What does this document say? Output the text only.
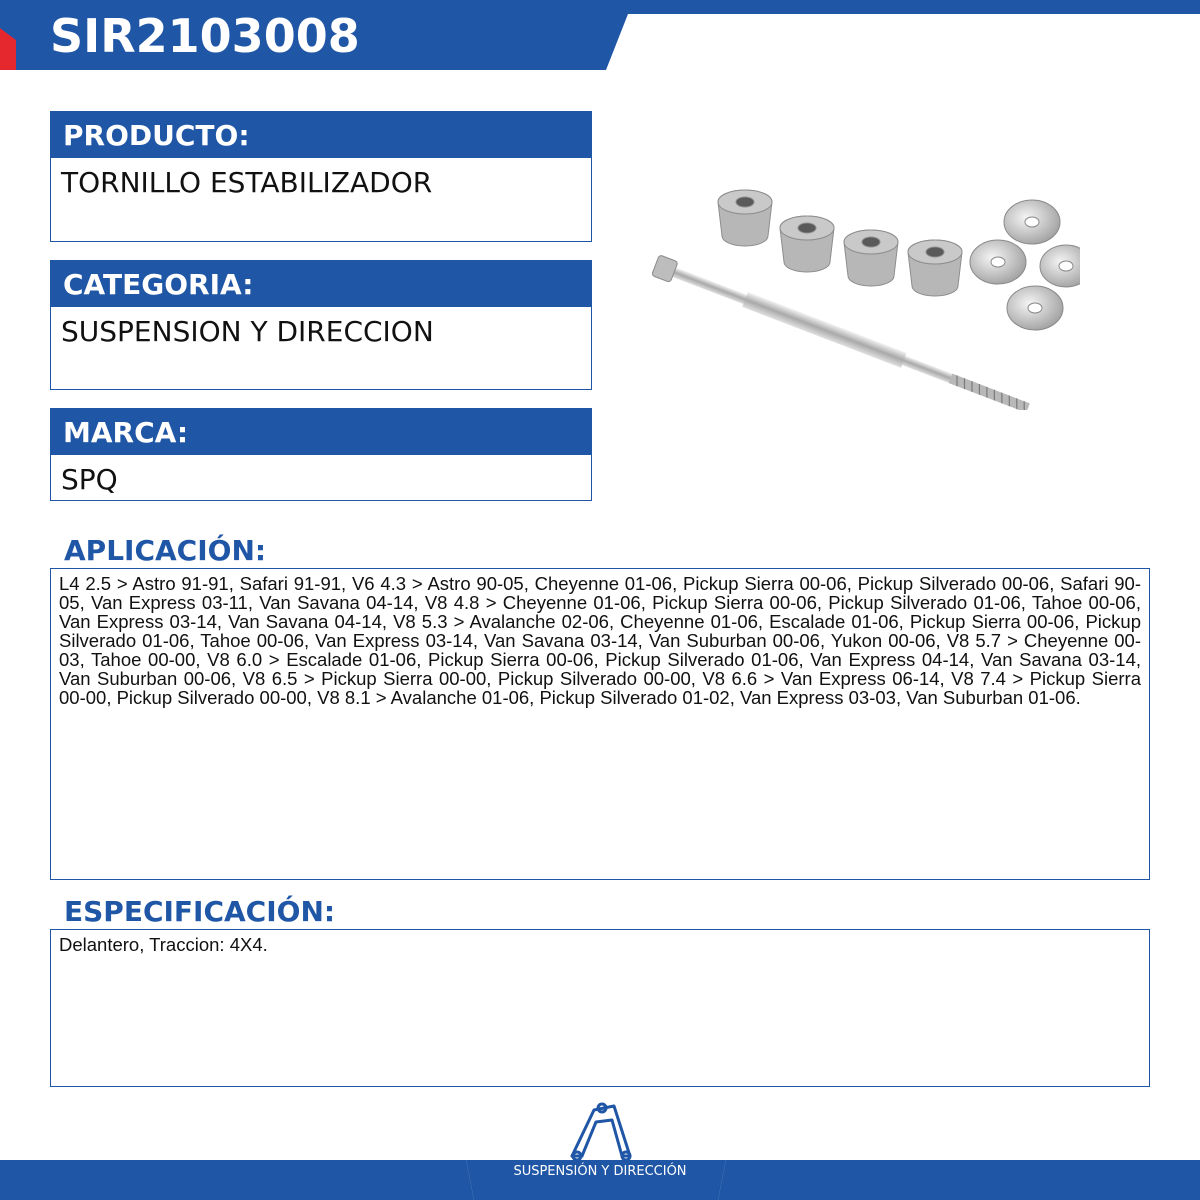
SIR2103008
PRODUCTO:
TORNILLO ESTABILIZADOR
CATEGORIA:
SUSPENSION Y DIRECCION
MARCA:
SPQ
APLICACIÓN:
L4 2.5 > Astro 91-91, Safari 91-91, V6 4.3 > Astro 90-05, Cheyenne 01-06, Pickup Sierra 00-06, Pickup Silverado 00-06, Safari 90-05, Van Express 03-11, Van Savana 04-14, V8 4.8 > Cheyenne 01-06, Pickup Sierra 00-06, Pickup Silverado 01-06, Tahoe 00-06, Van Express 03-14, Van Savana 04-14, V8 5.3 > Avalanche 02-06, Cheyenne 01-06, Escalade 01-06, Pickup Sierra 00-06, Pickup Silverado 01-06, Tahoe 00-06, Van Express 03-14, Van Savana 03-14, Van Suburban 00-06, Yukon 00-06, V8 5.7 > Cheyenne 00-03, Tahoe 00-00, V8 6.0 > Escalade 01-06, Pickup Sierra 00-06, Pickup Silverado 01-06, Van Express 04-14, Van Savana 03-14, Van Suburban 00-06, V8 6.5 > Pickup Sierra 00-00, Pickup Silverado 00-00, V8 6.6 > Van Express 06-14, V8 7.4 > Pickup Sierra 00-00, Pickup Silverado 00-00, V8 8.1 > Avalanche 01-06, Pickup Silverado 01-02, Van Express 03-03, Van Suburban 01-06.
ESPECIFICACIÓN:
Delantero, Traccion: 4X4.
SUSPENSIÓN Y DIRECCIÓN
